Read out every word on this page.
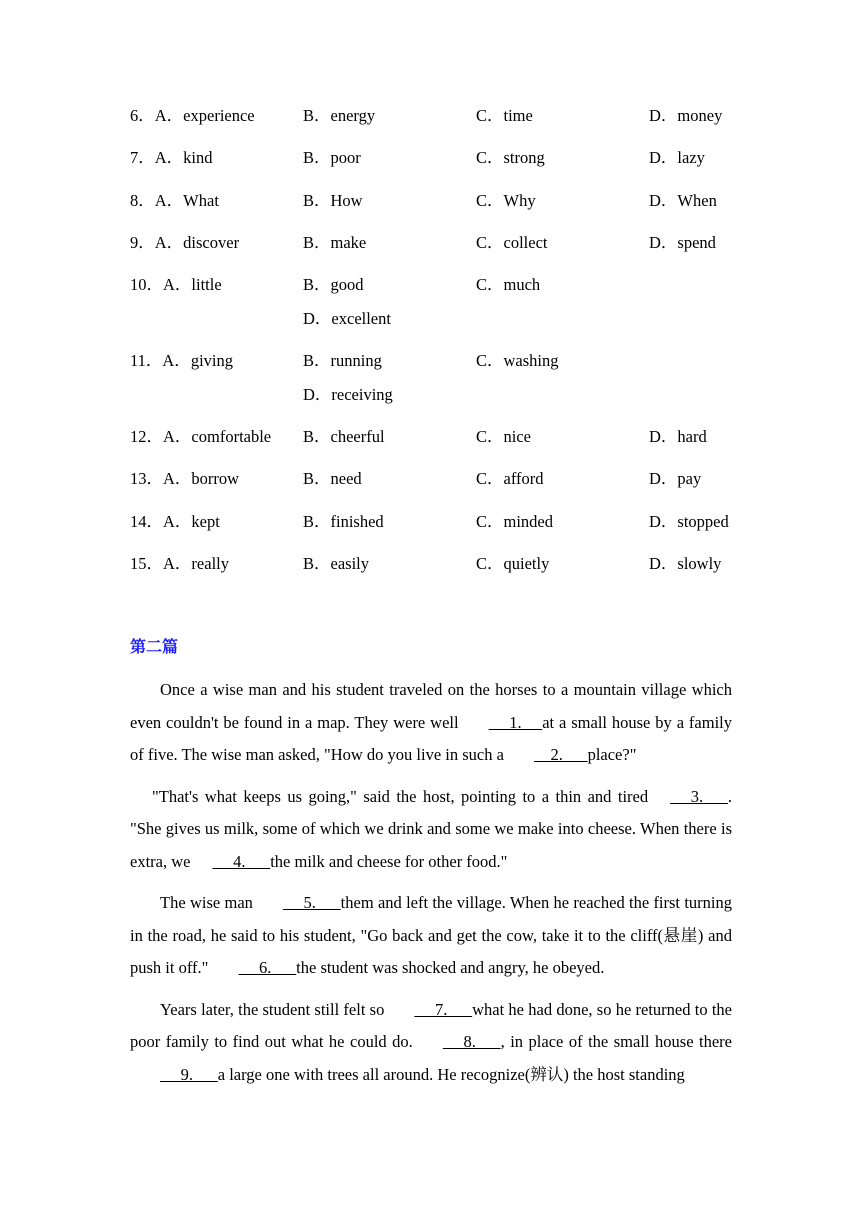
6．A．experience	B．energy	C．time	D．money
7．A．kind	B．poor	C．strong	D．lazy
8．A．What	B．How	C．Why	D．When
9．A．discover	B．make	C．collect	D．spend
10．A．little	B．good	C．much
D．excellent
11．A．giving	B．running	C．washing
D．receiving
12．A．comfortable B．cheerful	C．nice	D．hard
13．A．borrow	B．need	C．afford	D．pay
14．A．kept	B．finished	C．minded	D．stopped
15．A．really	B．easily	C．quietly	D．slowly
第二篇

Once a wise man and his student traveled on the horses to a mountain village which even couldn't be found in a map. They were well     1.     at a small house by a family of five. The wise man asked, "How do you live in such a    2.      place?"

"That's what keeps us going," said the host, pointing to a thin and tired     3.      . "She gives us milk, some of which we drink and some we make into cheese. When there is extra, we     4.      the milk and cheese for other food."

The wise man     5.      them and left the village. When he reached the first turning in the road, he said to his student, "Go back and get the cow, take it to the cliff(悬崖) and push it off."     6.      the student was shocked and angry, he obeyed.

Years later, the student still felt so     7.      what he had done, so he returned to the poor family to find out what he could do.     8.      , in place of the small house there     9.      a large one with trees all around. He recognize(辨认) the host standing
